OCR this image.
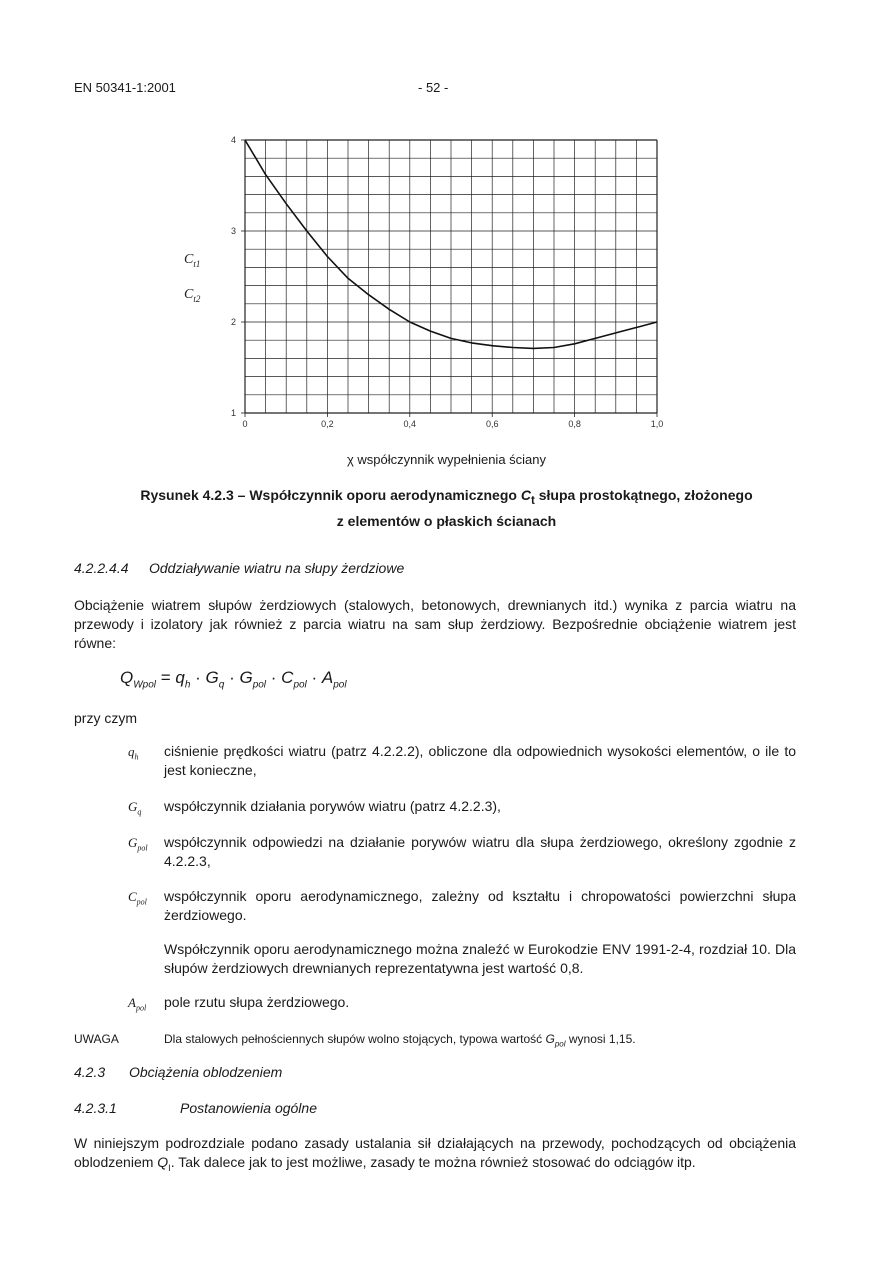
EN 50341-1:2001	- 52 -
0	0,2	0,4	0,6	0,8	1,0
1
2
3
4
$C_{t1}$
$C_{t2}$
χ współczynnik wypełnienia ściany
Rysunek 4.2.3 – Współczynnik oporu aerodynamicznego $C_t$ słupa prostokątnego, złożonego
z elementów o płaskich ścianach
4.2.2.4.4 Oddziaływanie wiatru na słupy żerdziowe
Obciążenie wiatrem słupów żerdziowych (stalowych, betonowych, drewnianych itd.) wynika z parcia wiatru na przewody i izolatory jak również z parcia wiatru na sam słup żerdziowy. Bezpośrednie obciążenie wiatrem jest równe:
$Q_{Wpol} = q_h \cdot G_q \cdot G_{pol} \cdot C_{pol} \cdot A_{pol}$
przy czym
$q_h$	ciśnienie prędkości wiatru (patrz 4.2.2.2), obliczone dla odpowiednich wysokości elementów, o ile to jest konieczne,
$G_q$	współczynnik działania porywów wiatru (patrz 4.2.2.3),
$G_{pol}$	współczynnik odpowiedzi na działanie porywów wiatru dla słupa żerdziowego, określony zgodnie z 4.2.2.3,
$C_{pol}$	współczynnik oporu aerodynamicznego, zależny od kształtu i chropowatości powierzchni słupa żerdziowego.
Współczynnik oporu aerodynamicznego można znaleźć w Eurokodzie ENV 1991-2-4, rozdział 10. Dla słupów żerdziowych drewnianych reprezentatywna jest wartość 0,8.
$A_{pol}$	pole rzutu słupa żerdziowego.
UWAGA	Dla stalowych pełnościennych słupów wolno stojących, typowa wartość $G_{pol}$ wynosi 1,15.
4.2.3 Obciążenia oblodzeniem
4.2.3.1	Postanowienia ogólne
W niniejszym podrozdziale podano zasady ustalania sił działających na przewody, pochodzących od obciążenia oblodzeniem $Q_I$. Tak dalece jak to jest możliwe, zasady te można również stosować do odciągów itp.
